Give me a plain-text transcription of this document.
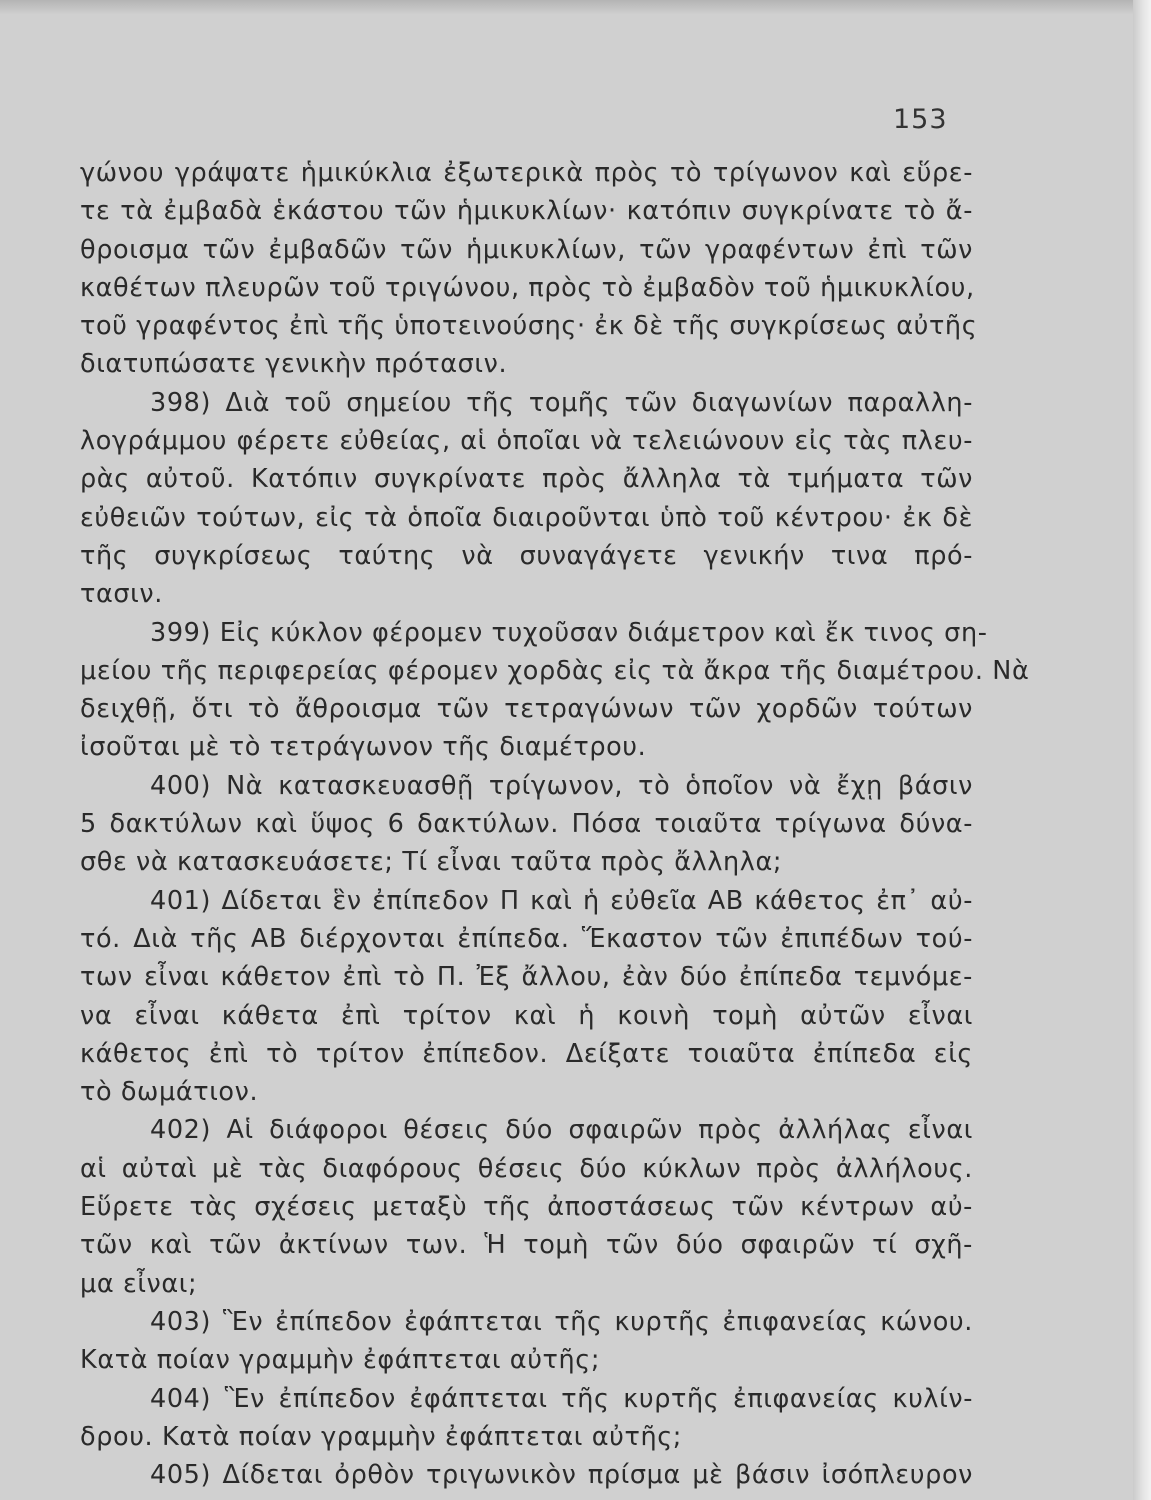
153
γώνου γράψατε ἡμικύκλια ἐξωτερικὰ πρὸς τὸ τρίγωνον καὶ εὕρε-
τε τὰ ἐμβαδὰ ἑκάστου τῶν ἡμικυκλίων· κατόπιν συγκρίνατε τὸ ἄ-
θροισμα τῶν ἐμβαδῶν τῶν ἡμικυκλίων, τῶν γραφέντων ἐπὶ τῶν
καθέτων πλευρῶν τοῦ τριγώνου, πρὸς τὸ ἐμβαδὸν τοῦ ἡμικυκλίου,
τοῦ γραφέντος ἐπὶ τῆς ὑποτεινούσης· ἐκ δὲ τῆς συγκρίσεως αὐτῆς
διατυπώσατε γενικὴν πρότασιν.
398) Διὰ τοῦ σημείου τῆς τομῆς τῶν διαγωνίων παραλλη-
λογράμμου φέρετε εὐθείας, αἱ ὁποῖαι νὰ τελειώνουν εἰς τὰς πλευ-
ρὰς αὐτοῦ. Κατόπιν συγκρίνατε πρὸς ἄλληλα τὰ τμήματα τῶν
εὐθειῶν τούτων, εἰς τὰ ὁποῖα διαιροῦνται ὑπὸ τοῦ κέντρου· ἐκ δὲ
τῆς συγκρίσεως ταύτης νὰ συναγάγετε γενικήν τινα πρό-
τασιν.
399) Εἰς κύκλον φέρομεν τυχοῦσαν διάμετρον καὶ ἔκ τινος ση-
μείου τῆς περιφερείας φέρομεν χορδὰς εἰς τὰ ἄκρα τῆς διαμέτρου. Νὰ
δειχθῇ, ὅτι τὸ ἄθροισμα τῶν τετραγώνων τῶν χορδῶν τούτων
ἰσοῦται μὲ τὸ τετράγωνον τῆς διαμέτρου.
400) Νὰ κατασκευασθῇ τρίγωνον, τὸ ὁποῖον νὰ ἔχῃ βάσιν
5 δακτύλων καὶ ὕψος 6 δακτύλων. Πόσα τοιαῦτα τρίγωνα δύνα-
σθε νὰ κατασκευάσετε; Τί εἶναι ταῦτα πρὸς ἄλληλα;
401) Δίδεται ἓν ἐπίπεδον Π καὶ ἡ εὐθεῖα ΑΒ κάθετος ἐπ᾽ αὐ-
τό. Διὰ τῆς ΑΒ διέρχονται ἐπίπεδα. Ἕκαστον τῶν ἐπιπέδων τού-
των εἶναι κάθετον ἐπὶ τὸ Π. Ἐξ ἄλλου, ἐὰν δύο ἐπίπεδα τεμνόμε-
να εἶναι κάθετα ἐπὶ τρίτον καὶ ἡ κοινὴ τομὴ αὐτῶν εἶναι
κάθετος ἐπὶ τὸ τρίτον ἐπίπεδον. Δείξατε τοιαῦτα ἐπίπεδα εἰς
τὸ δωμάτιον.
402) Αἱ διάφοροι θέσεις δύο σφαιρῶν πρὸς ἀλλήλας εἶναι
αἱ αὐταὶ μὲ τὰς διαφόρους θέσεις δύο κύκλων πρὸς ἀλλήλους.
Εὕρετε τὰς σχέσεις μεταξὺ τῆς ἀποστάσεως τῶν κέντρων αὐ-
τῶν καὶ τῶν ἀκτίνων των. Ἡ τομὴ τῶν δύο σφαιρῶν τί σχῆ-
μα εἶναι;
403) Ἓν ἐπίπεδον ἐφάπτεται τῆς κυρτῆς ἐπιφανείας κώνου.
Κατὰ ποίαν γραμμὴν ἐφάπτεται αὐτῆς;
404) Ἓν ἐπίπεδον ἐφάπτεται τῆς κυρτῆς ἐπιφανείας κυλίν-
δρου. Κατὰ ποίαν γραμμὴν ἐφάπτεται αὐτῆς;
405) Δίδεται ὀρθὸν τριγωνικὸν πρίσμα μὲ βάσιν ἰσόπλευρον
